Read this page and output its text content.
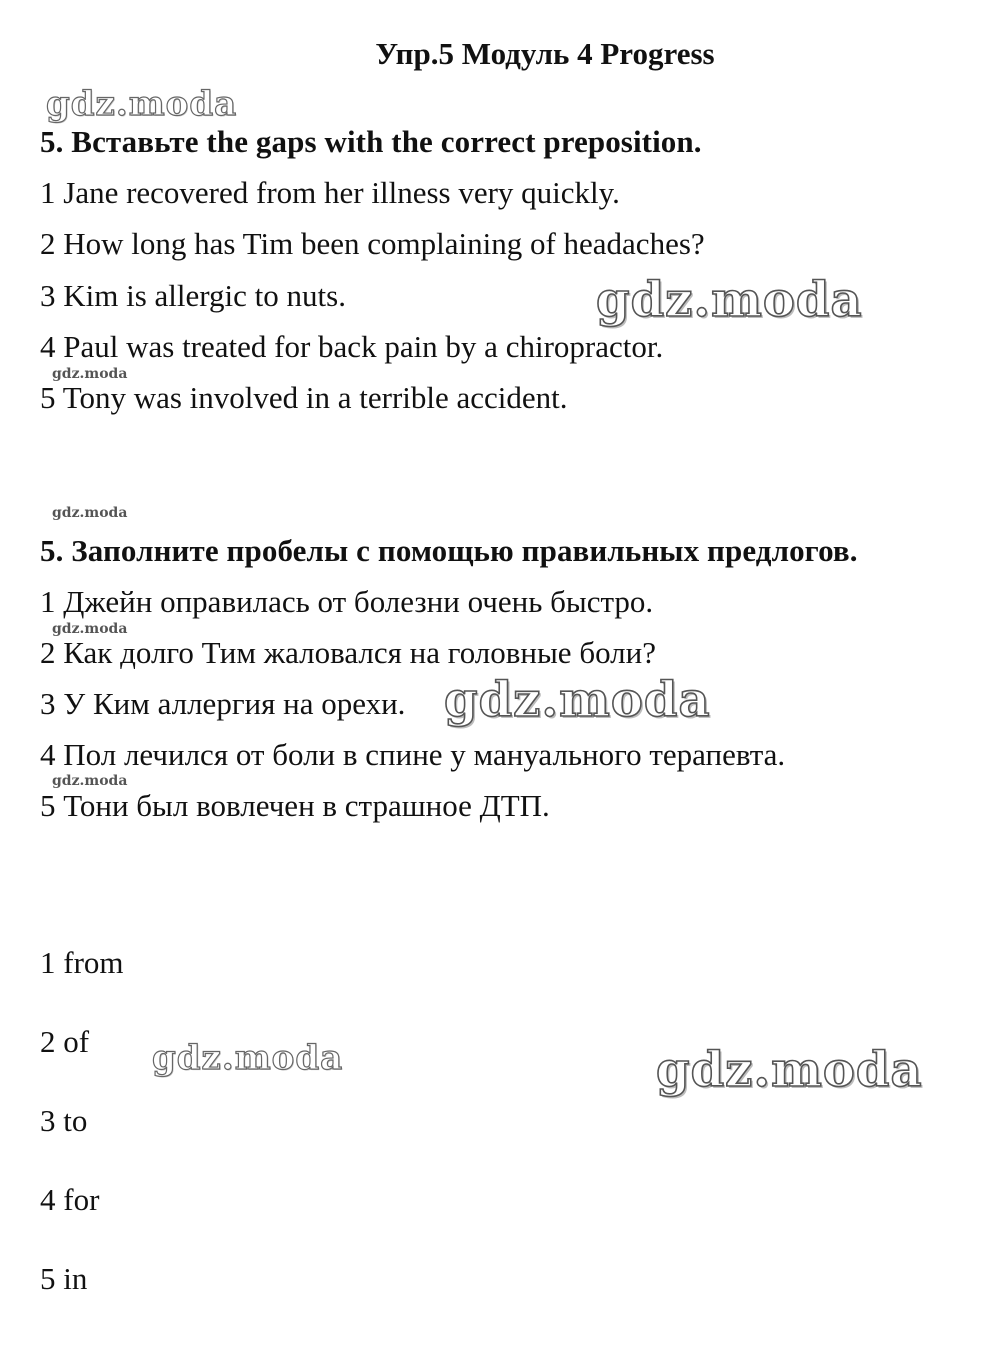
Упр.5 Модуль 4 Progress
gdz.moda
gdz.moda
gdz.moda
gdz.moda
gdz.moda
gdz.moda
gdz.moda
gdz.moda	gdz.moda
5. Вставьте the gaps with the correct preposition.
1 Jane recovered from her illness very quickly.
2 How long has Tim been complaining of headaches?
3 Kim is allergic to nuts.
4 Paul was treated for back pain by a chiropractor.
5 Tony was involved in a terrible accident.
5. Заполните пробелы с помощью правильных предлогов.
1 Джейн оправилась от болезни очень быстро.
2 Как долго Тим жаловался на головные боли?
3 У Ким аллергия на орехи.
4 Пол лечился от боли в спине у мануального терапевта.
5 Тони был вовлечен в страшное ДТП.
1 from
2 of
3 to
4 for
5 in
